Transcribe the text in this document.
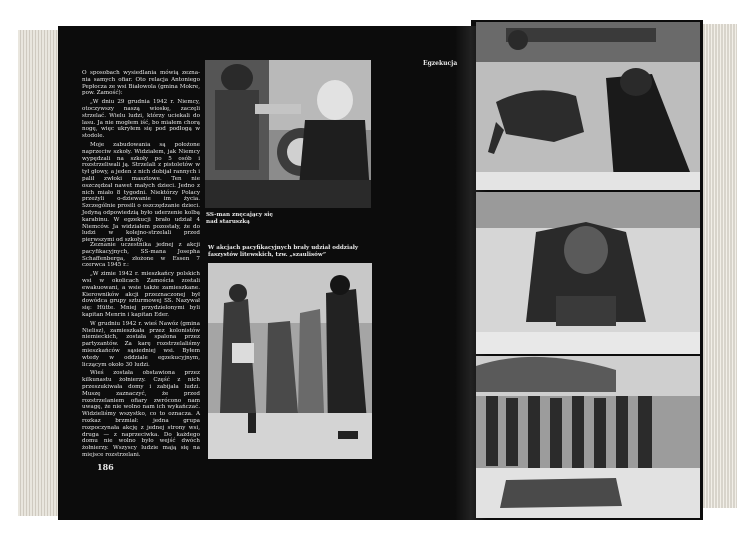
O sposobach wysiedlania mówią zezna-nia samych ofiar. Oto relacja Antoniego Pepłocza ze wsi Białowola (gmina Mokre, pow. Zamość):

„W dniu 29 grudnia 1942 r. Niemcy, otoczywszy naszą wioskę, zaczęli strzelać. Wielu ludzi, którzy uciekali do lasu. Ja nie mogłem iść, bo miałem chorą nogę, więc ukryłem się pod podłogą w stodole.

Moje zabudowania są położone naprzeciw szkoły. Widziałem, jak Niemcy wypędzali na szkoły po 5 osób i rozstrzeliwali ją. Strzelali z pistoletów w tył głowy, a jeden z nich dobijał rannych i palił zwłoki masztowe. Ten nie oszczędzał nawet małych dzieci. Jedno z nich miało 8 tygodni. Niektórzy Polacy przeżyli o-dziewanie im życia. Szczególnie prosili o oszczędzanie dzieci. Jedyną odpowiedzią było uderzenie kolbą karabinu. W egzekucji brało udział 4 Niemców. Ja widziałem pozostały, że do ludzi w kolejno-strzelali przed pierwszymi od szkoły.

Zeznanie uczestnika jednej z akcji pacyfikacyjnych, SS-mana Josepha Schaffenberga, złożone w Essen 7 czerwca 1945 r.:

„W zimie 1942 r. mieszkańcy polskich wsi w okolicach Zamościa zostali ewakuowani, a wsie także zamieszkane. Kierowników akcji przeznaczonej był dowódca grupy szturmowej SS. Nazywał się: Hütte. Mniej przydzielonymi byli kapitan Menrin i kapitan Eder.

W grudniu 1942 r. wieś Nawóz (gmina Nielisz), zamieszkała przez kolonistów niemieckich, została spalona przez partyzantów. Za karę rozstrzelaliśmy mieszkańców sąsiedniej wsi. Byłem wtedy w oddziale egzekucyjnym, liczącym około 30 ludzi.

Wieś została obstawiona przez kilkunastu żołnierzy. Część z nich przeszukiwała domy i zabijała ludzi. Muszę zaznaczyć, że przed rozstrzelaniem ofiary zwrócono nam uwagę, że nie wolno nam ich wykańczać. Widzieliśmy wszystko, co to oznacza. A rozkaz brzmiał: jedna grupa rozpoczynała akcję z jednej strony wsi, druga — z naprzeciwka. Do każdego domu nie wolno było wejść dwóch żołnierzy. Wszyscy ludzie mają się na miejsce rozstrzelani.

186
SS-man znęcający się nad staruszką
W akcjach pacyfikacyjnych brały udział oddziały faszystów litewskich, tzw. „szaulisów”
Egzekucja
